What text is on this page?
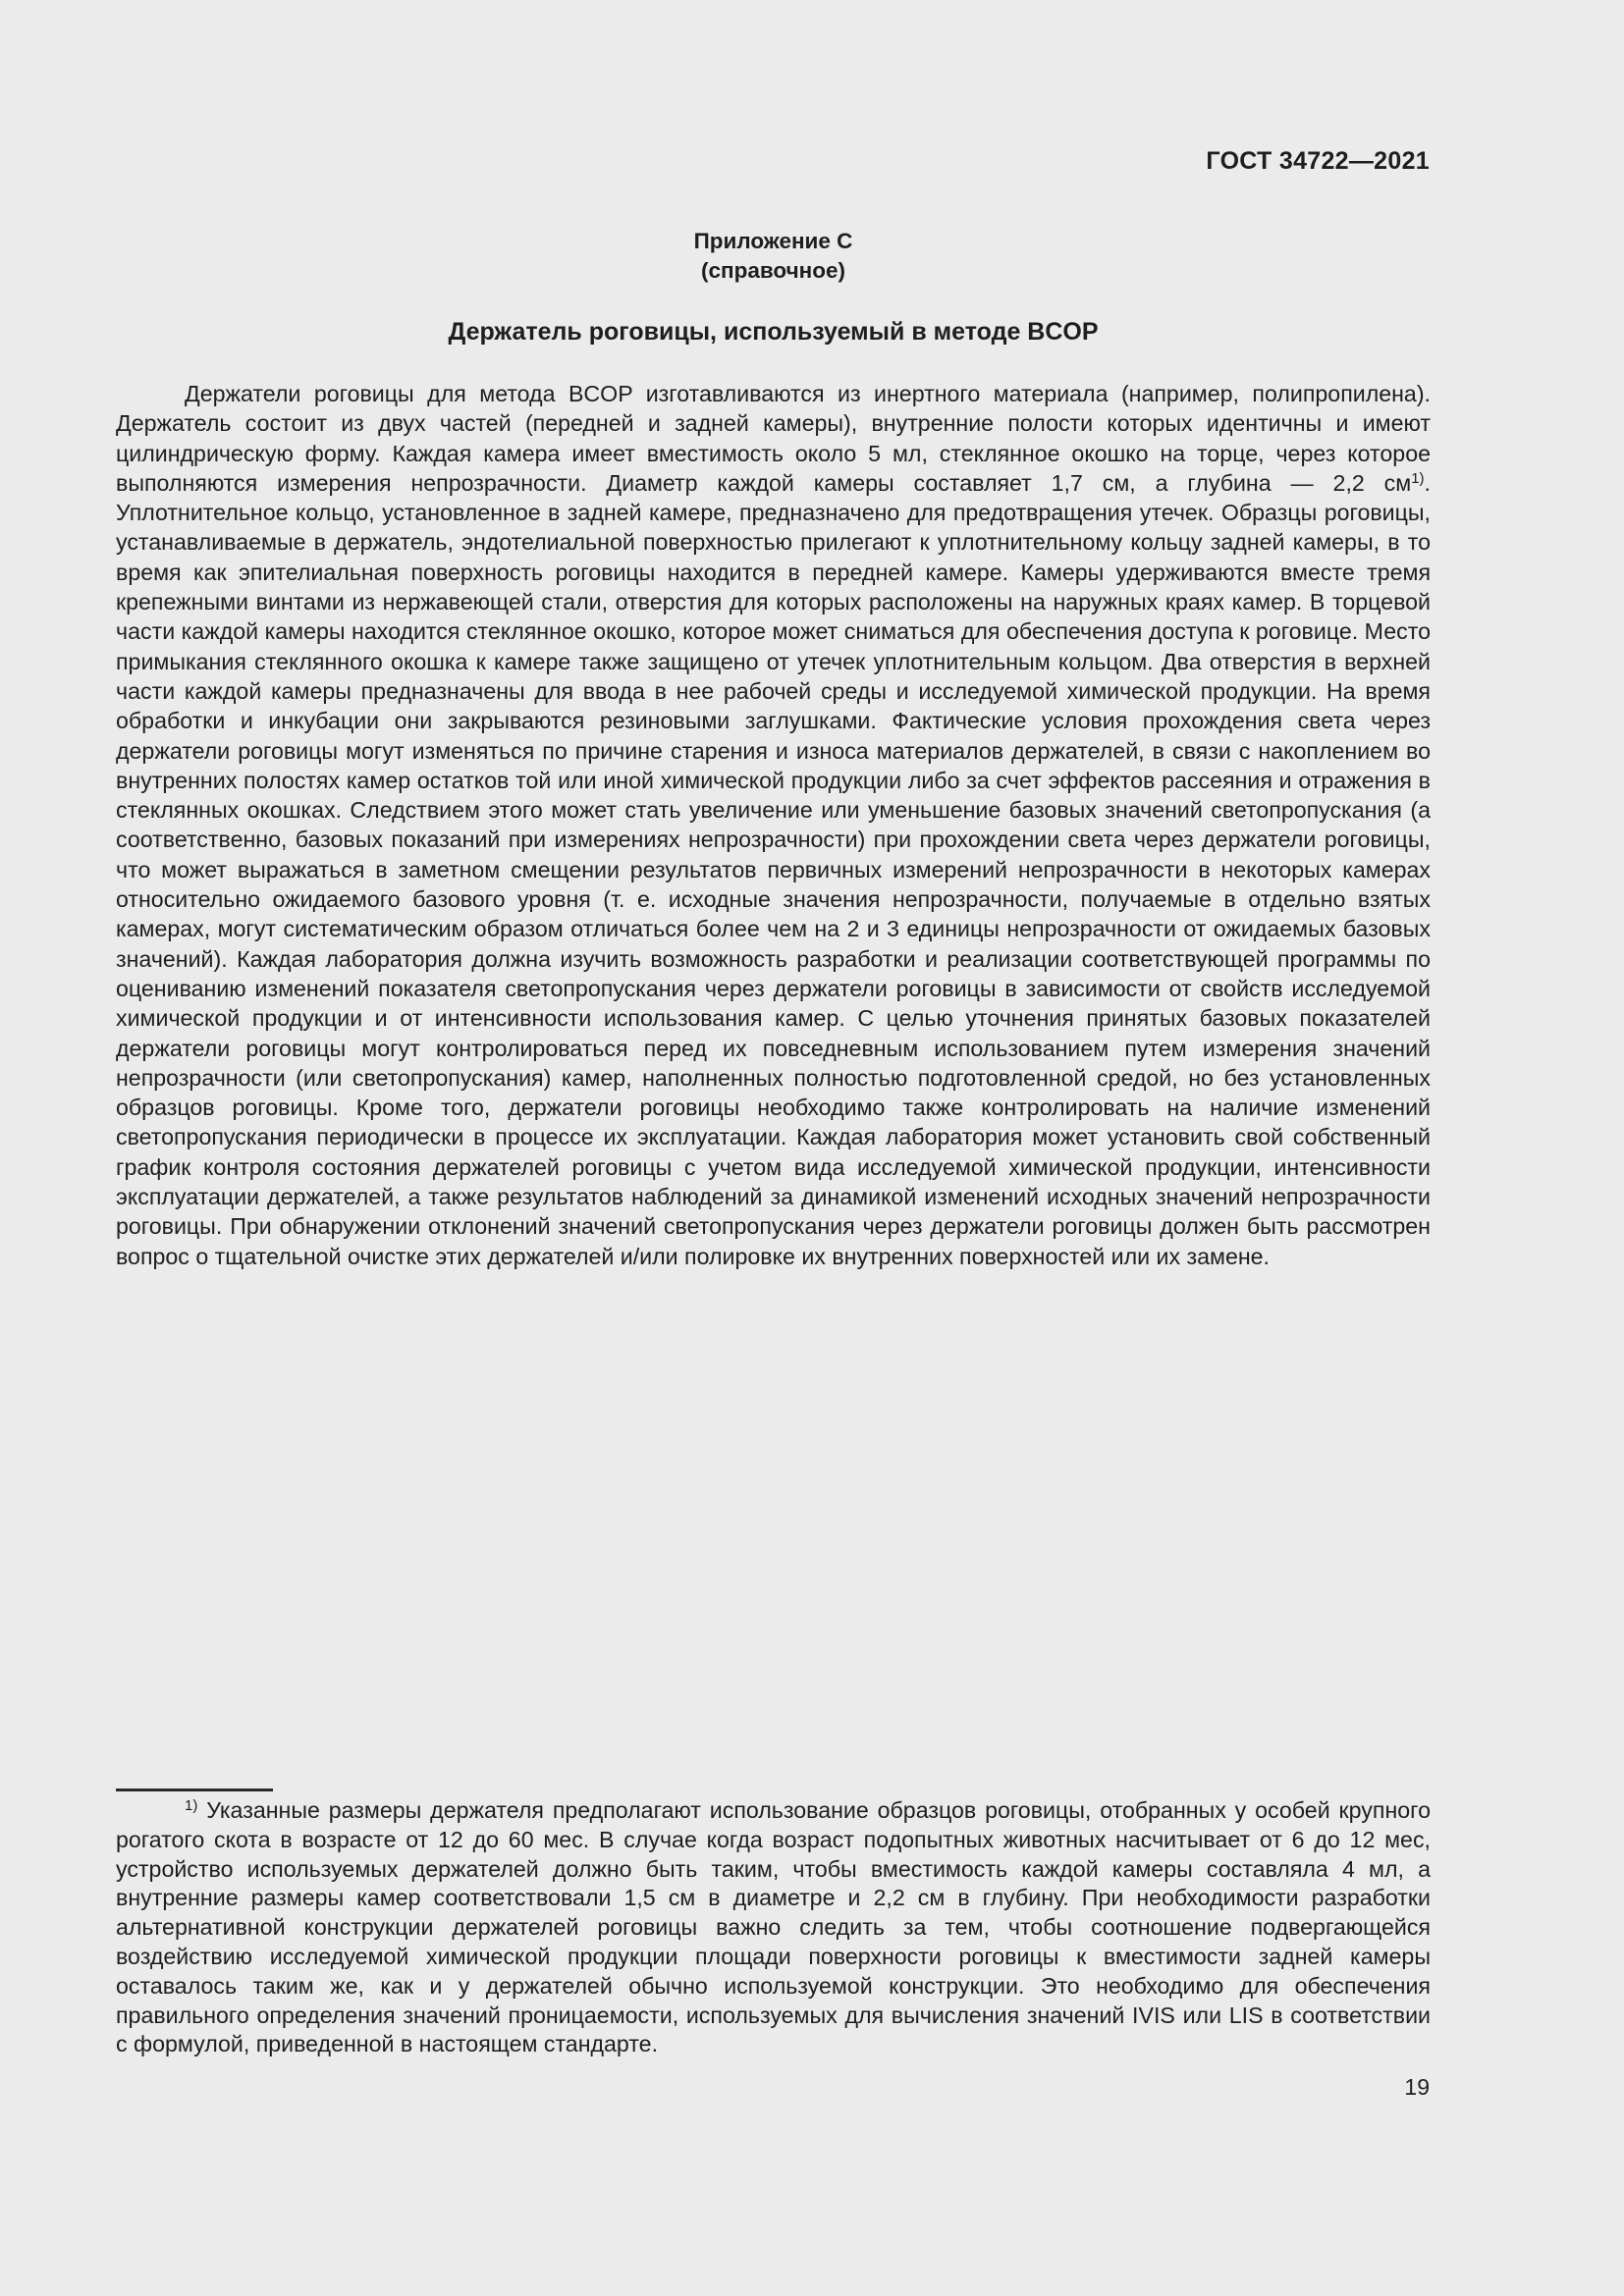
ГОСТ 34722—2021
Приложение С
(справочное)
Держатель роговицы, используемый в методе BCOP

Держатели роговицы для метода BCOP изготавливаются из инертного материала (например, полипропилена). Держатель состоит из двух частей (передней и задней камеры), внутренние полости которых идентичны и имеют цилиндрическую форму. Каждая камера имеет вместимость около 5 мл, стеклянное окошко на торце, через которое выполняются измерения непрозрачности. Диаметр каждой камеры составляет 1,7 см, а глубина — 2,2 $см^{1)}$. Уплотнительное кольцо, установленное в задней камере, предназначено для предотвращения утечек. Образцы роговицы, устанавливаемые в держатель, эндотелиальной поверхностью прилегают к уплотнительному кольцу задней камеры, в то время как эпителиальная поверхность роговицы находится в передней камере. Камеры удерживаются вместе тремя крепежными винтами из нержавеющей стали, отверстия для которых расположены на наружных краях камер. В торцевой части каждой камеры находится стеклянное окошко, которое может сниматься для обеспечения доступа к роговице. Место примыкания стеклянного окошка к камере также защищено от утечек уплотнительным кольцом. Два отверстия в верхней части каждой камеры предназначены для ввода в нее рабочей среды и исследуемой химической продукции. На время обработки и инкубации они закрываются резиновыми заглушками. Фактические условия прохождения света через держатели роговицы могут изменяться по причине старения и износа материалов держателей, в связи с накоплением во внутренних полостях камер остатков той или иной химической продукции либо за счет эффектов рассеяния и отражения в стеклянных окошках. Следствием этого может стать увеличение или уменьшение базовых значений светопропускания (а соответственно, базовых показаний при измерениях непрозрачности) при прохождении света через держатели роговицы, что может выражаться в заметном смещении результатов первичных измерений непрозрачности в некоторых камерах относительно ожидаемого базового уровня (т. е. исходные значения непрозрачности, получаемые в отдельно взятых камерах, могут систематическим образом отличаться более чем на 2 и 3 единицы непрозрачности от ожидаемых базовых значений). Каждая лаборатория должна изучить возможность разработки и реализации соответствующей программы по оцениванию изменений показателя светопропускания через держатели роговицы в зависимости от свойств исследуемой химической продукции и от интенсивности использования камер. С целью уточнения принятых базовых показателей держатели роговицы могут контролироваться перед их повседневным использованием путем измерения значений непрозрачности (или светопропускания) камер, наполненных полностью подготовленной средой, но без установленных образцов роговицы. Кроме того, держатели роговицы необходимо также контролировать на наличие изменений светопропускания периодически в процессе их эксплуатации. Каждая лаборатория может установить свой собственный график контроля состояния держателей роговицы с учетом вида исследуемой химической продукции, интенсивности эксплуатации держателей, а также результатов наблюдений за динамикой изменений исходных значений непрозрачности роговицы. При обнаружении отклонений значений светопропускания через держатели роговицы должен быть рассмотрен вопрос о тщательной очистке этих держателей и/или полировке их внутренних поверхностей или их замене.

$^{1)}$ Указанные размеры держателя предполагают использование образцов роговицы, отобранных у особей крупного рогатого скота в возрасте от 12 до 60 мес. В случае когда возраст подопытных животных насчитывает от 6 до 12 мес, устройство используемых держателей должно быть таким, чтобы вместимость каждой камеры составляла 4 мл, а внутренние размеры камер соответствовали 1,5 см в диаметре и 2,2 см в глубину. При необходимости разработки альтернативной конструкции держателей роговицы важно следить за тем, чтобы соотношение подвергающейся воздействию исследуемой химической продукции площади поверхности роговицы к вместимости задней камеры оставалось таким же, как и у держателей обычно используемой конструкции. Это необходимо для обеспечения правильного определения значений проницаемости, используемых для вычисления значений IVIS или LIS в соответствии с формулой, приведенной в настоящем стандарте.

19
